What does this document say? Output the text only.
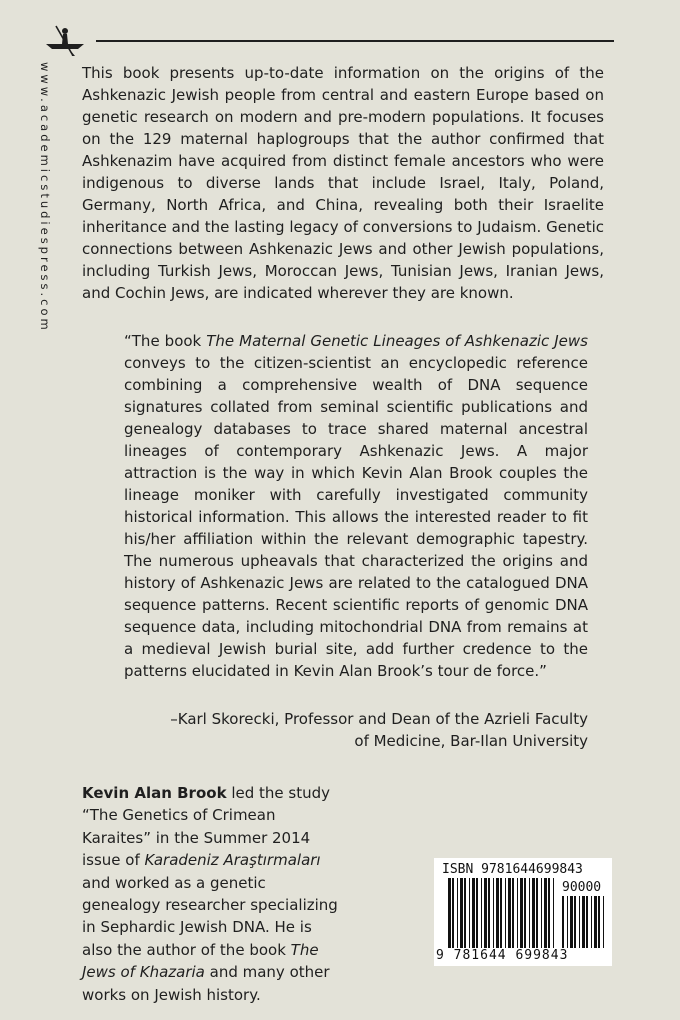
www.academicstudiespress.com This book presents up-to-date information on the origins of the Ashkenazic Jewish people from central and eastern Europe based on genetic research on modern and pre-modern populations. It focuses on the 129 maternal haplogroups that the author confirmed that Ashkenazim have acquired from distinct female ancestors who were indigenous to diverse lands that include Israel, Italy, Poland, Germany, North Africa, and China, revealing both their Israelite inheritance and the lasting legacy of conversions to Judaism. Genetic connections between Ashkenazic Jews and other Jewish populations, including Turkish Jews, Moroccan Jews, Tunisian Jews, Iranian Jews, and Cochin Jews, are indicated wherever they are known.

“The book The Maternal Genetic Lineages of Ashkenazic Jews conveys to the citizen-scientist an encyclopedic reference combining a comprehensive wealth of DNA sequence signatures collated from seminal scientific publications and genealogy databases to trace shared maternal ancestral lineages of contemporary Ashkenazic Jews. A major attraction is the way in which Kevin Alan Brook couples the lineage moniker with carefully investigated community historical information. This allows the interested reader to fit his/her affiliation within the relevant demographic tapestry. The numerous upheavals that characterized the origins and history of Ashkenazic Jews are related to the catalogued DNA sequence patterns. Recent scientific reports of genomic DNA sequence data, including mitochondrial DNA from remains at a medieval Jewish burial site, add further credence to the patterns elucidated in Kevin Alan Brook’s tour de force.”

–Karl Skorecki, Professor and Dean of the Azrieli Faculty
of Medicine, Bar-Ilan University

Kevin Alan Brook led the study “The Genetics of Crimean Karaites” in the Summer 2014 issue of Karadeniz Araştırmaları and worked as a genetic genealogy researcher specializing in Sephardic Jewish DNA. He is also the author of the book The Jews of Khazaria and many other works on Jewish history.

ISBN 9781644699843
90000
9 781644 699843
